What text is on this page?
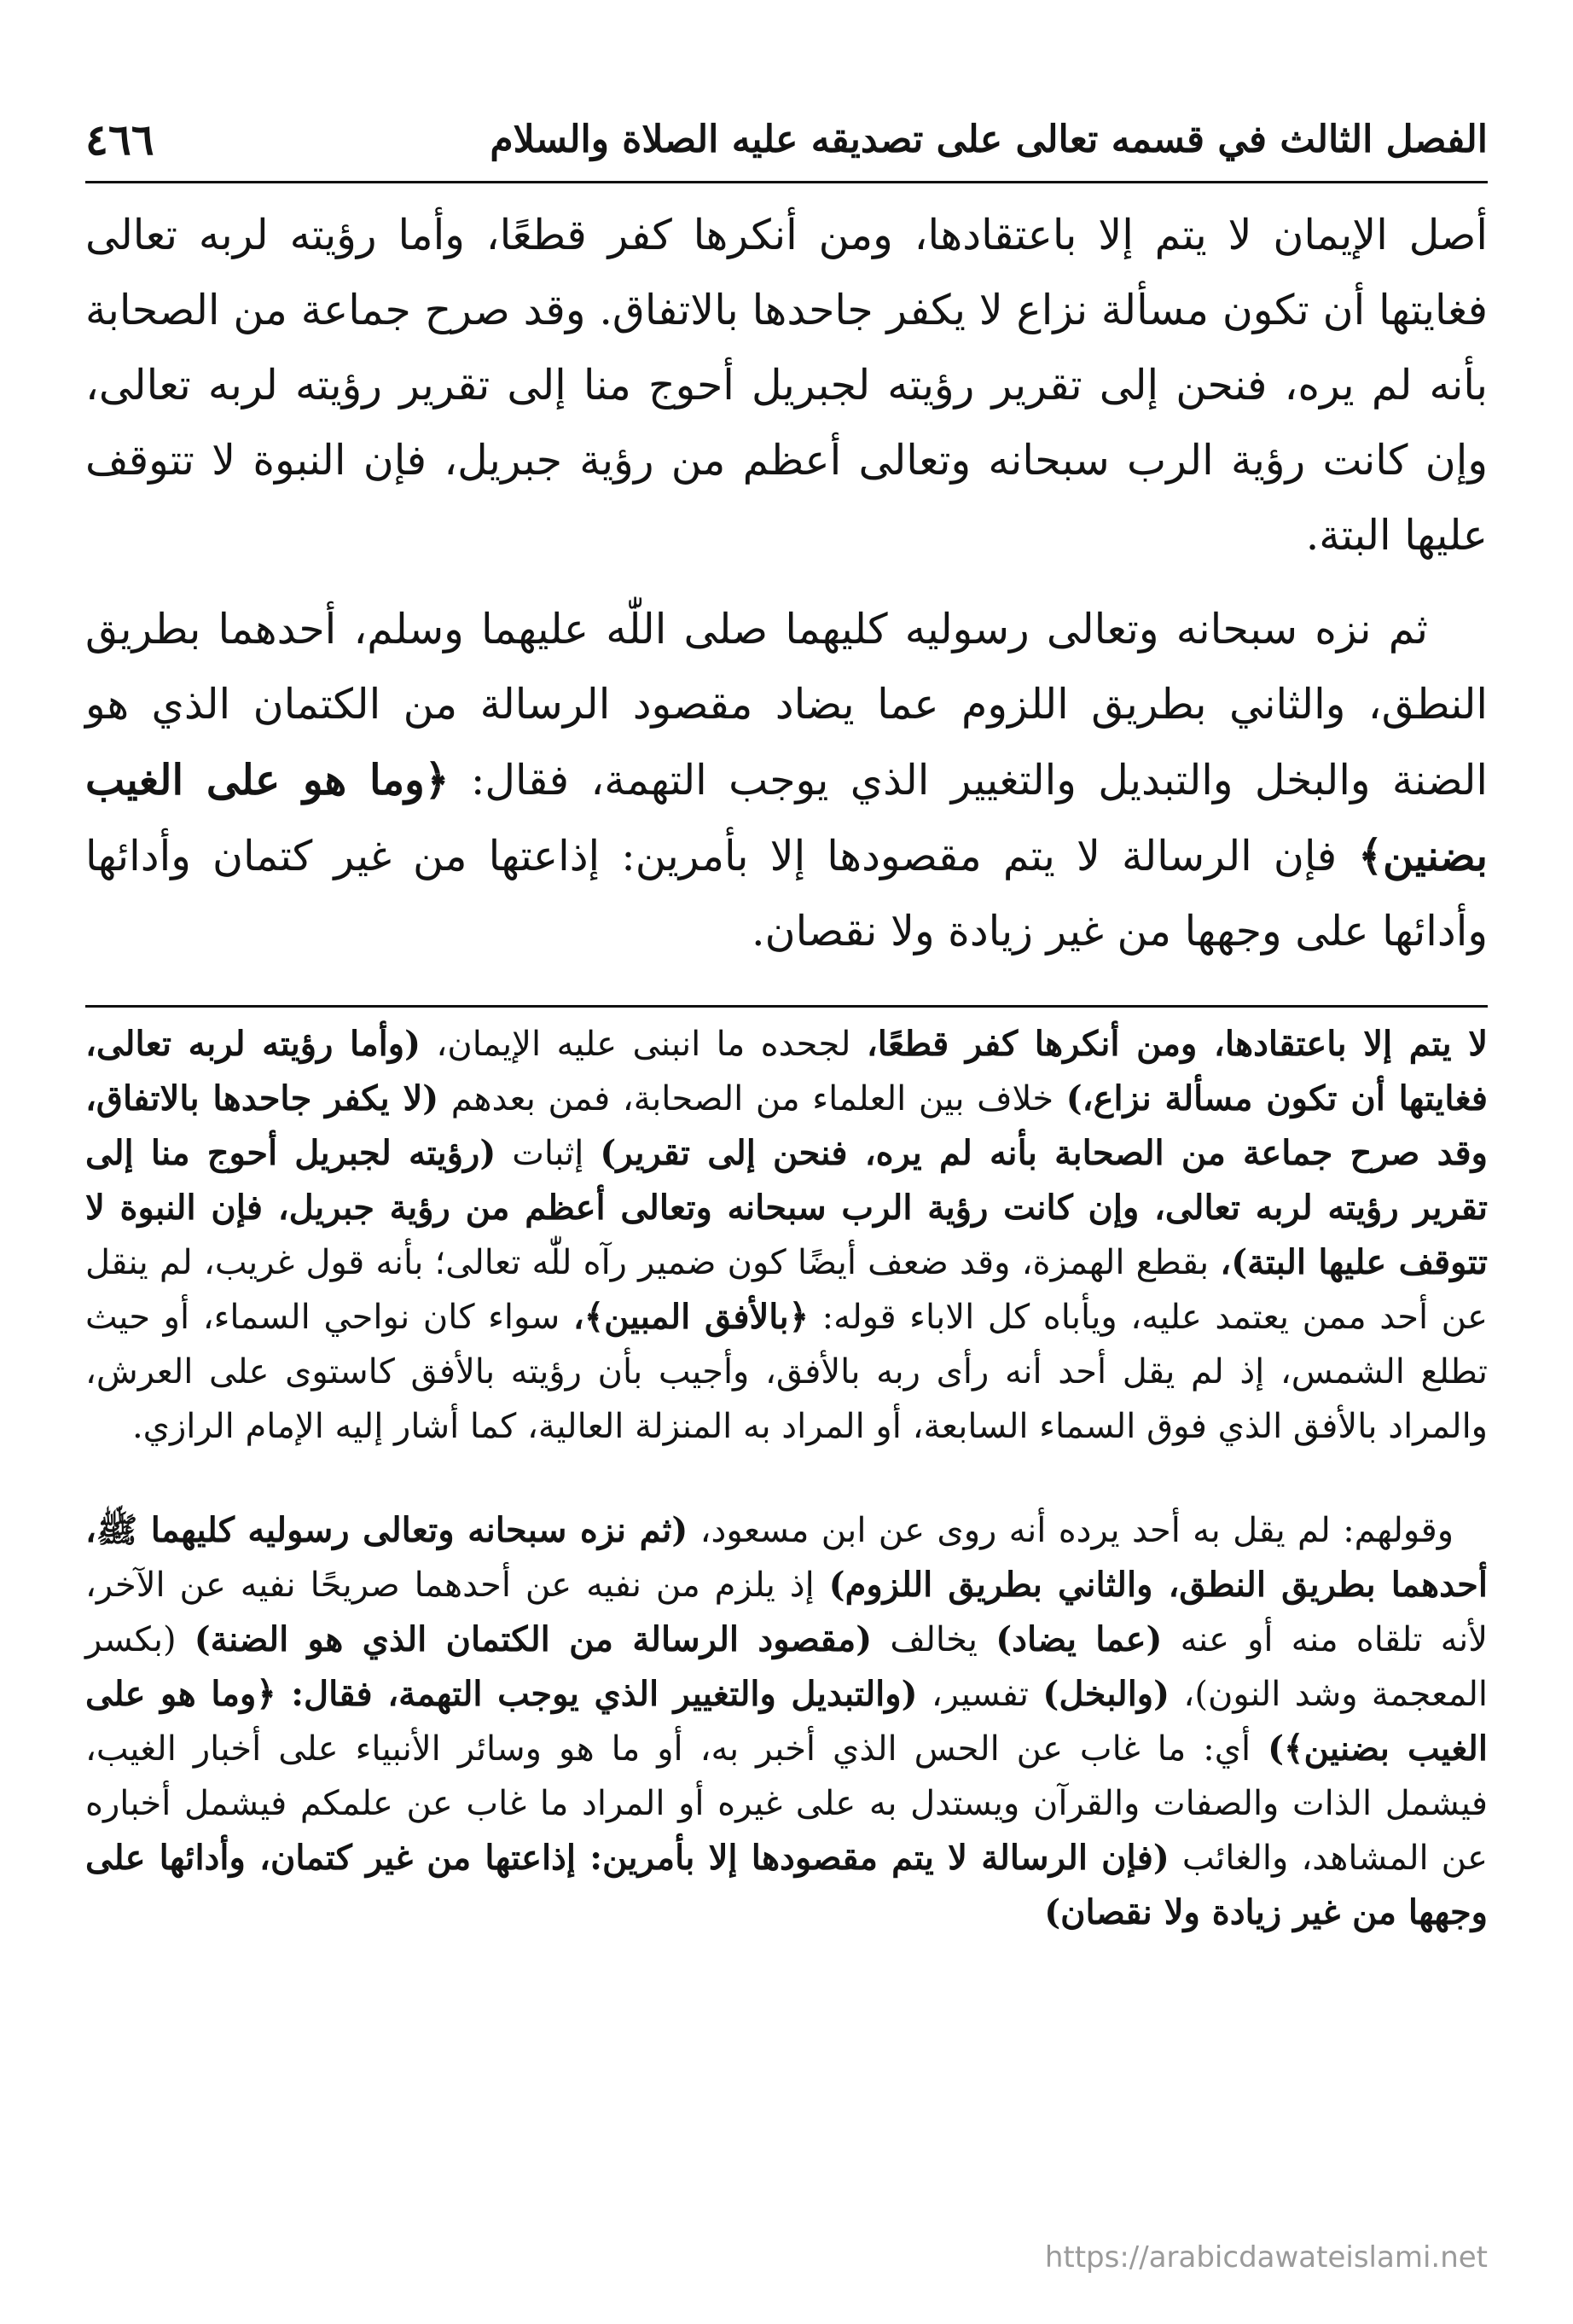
٤٦٦	الفصل الثالث في قسمه تعالى على تصديقه عليه الصلاة والسلام

أصل الإيمان لا يتم إلا باعتقادها، ومن أنكرها كفر قطعًا، وأما رؤيته لربه تعالى فغايتها أن تكون مسألة نزاع لا يكفر جاحدها بالاتفاق. وقد صرح جماعة من الصحابة بأنه لم يره، فنحن إلى تقرير رؤيته لجبريل أحوج منا إلى تقرير رؤيته لربه تعالى، وإن كانت رؤية الرب سبحانه وتعالى أعظم من رؤية جبريل، فإن النبوة لا تتوقف عليها البتة.

ثم نزه سبحانه وتعالى رسوليه كليهما صلى اللّٰه عليهما وسلم، أحدهما بطريق النطق، والثاني بطريق اللزوم عما يضاد مقصود الرسالة من الكتمان الذي هو الضنة والبخل والتبديل والتغيير الذي يوجب التهمة، فقال: ﴿وما هو على الغيب بضنين﴾ فإن الرسالة لا يتم مقصودها إلا بأمرين: إذاعتها من غير كتمان وأدائها وأدائها على وجهها من غير زيادة ولا نقصان.

لا يتم إلا باعتقادها، ومن أنكرها كفر قطعًا، لجحده ما انبنى عليه الإيمان، (وأما رؤيته لربه تعالى، فغايتها أن تكون مسألة نزاع،) خلاف بين العلماء من الصحابة، فمن بعدهم (لا يكفر جاحدها بالاتفاق، وقد صرح جماعة من الصحابة بأنه لم يره، فنحن إلى تقرير) إثبات (رؤيته لجبريل أحوج منا إلى تقرير رؤيته لربه تعالى، وإن كانت رؤية الرب سبحانه وتعالى أعظم من رؤية جبريل، فإن النبوة لا تتوقف عليها البتة)، بقطع الهمزة، وقد ضعف أيضًا كون ضمير رآه للّٰه تعالى؛ بأنه قول غريب، لم ينقل عن أحد ممن يعتمد عليه، ويأباه كل الاباء قوله: ﴿بالأفق المبين﴾، سواء كان نواحي السماء، أو حيث تطلع الشمس، إذ لم يقل أحد أنه رأى ربه بالأفق، وأجيب بأن رؤيته بالأفق كاستوى على العرش، والمراد بالأفق الذي فوق السماء السابعة، أو المراد به المنزلة العالية، كما أشار إليه الإمام الرازي.

وقولهم: لم يقل به أحد يرده أنه روى عن ابن مسعود، (ثم نزه سبحانه وتعالى رسوليه كليهما ﷺ، أحدهما بطريق النطق، والثاني بطريق اللزوم) إذ يلزم من نفيه عن أحدهما صريحًا نفيه عن الآخر، لأنه تلقاه منه أو عنه (عما يضاد) يخالف (مقصود الرسالة من الكتمان الذي هو الضنة) (بكسر المعجمة وشد النون)، (والبخل) تفسير، (والتبديل والتغيير الذي يوجب التهمة، فقال: ﴿وما هو على الغيب بضنين﴾) أي: ما غاب عن الحس الذي أخبر به، أو ما هو وسائر الأنبياء على أخبار الغيب، فيشمل الذات والصفات والقرآن ويستدل به على غيره أو المراد ما غاب عن علمكم فيشمل أخباره عن المشاهد، والغائب (فإن الرسالة لا يتم مقصودها إلا بأمرين: إذاعتها من غير كتمان، وأدائها على وجهها من غير زيادة ولا نقصان)

https://arabicdawateislami.net
